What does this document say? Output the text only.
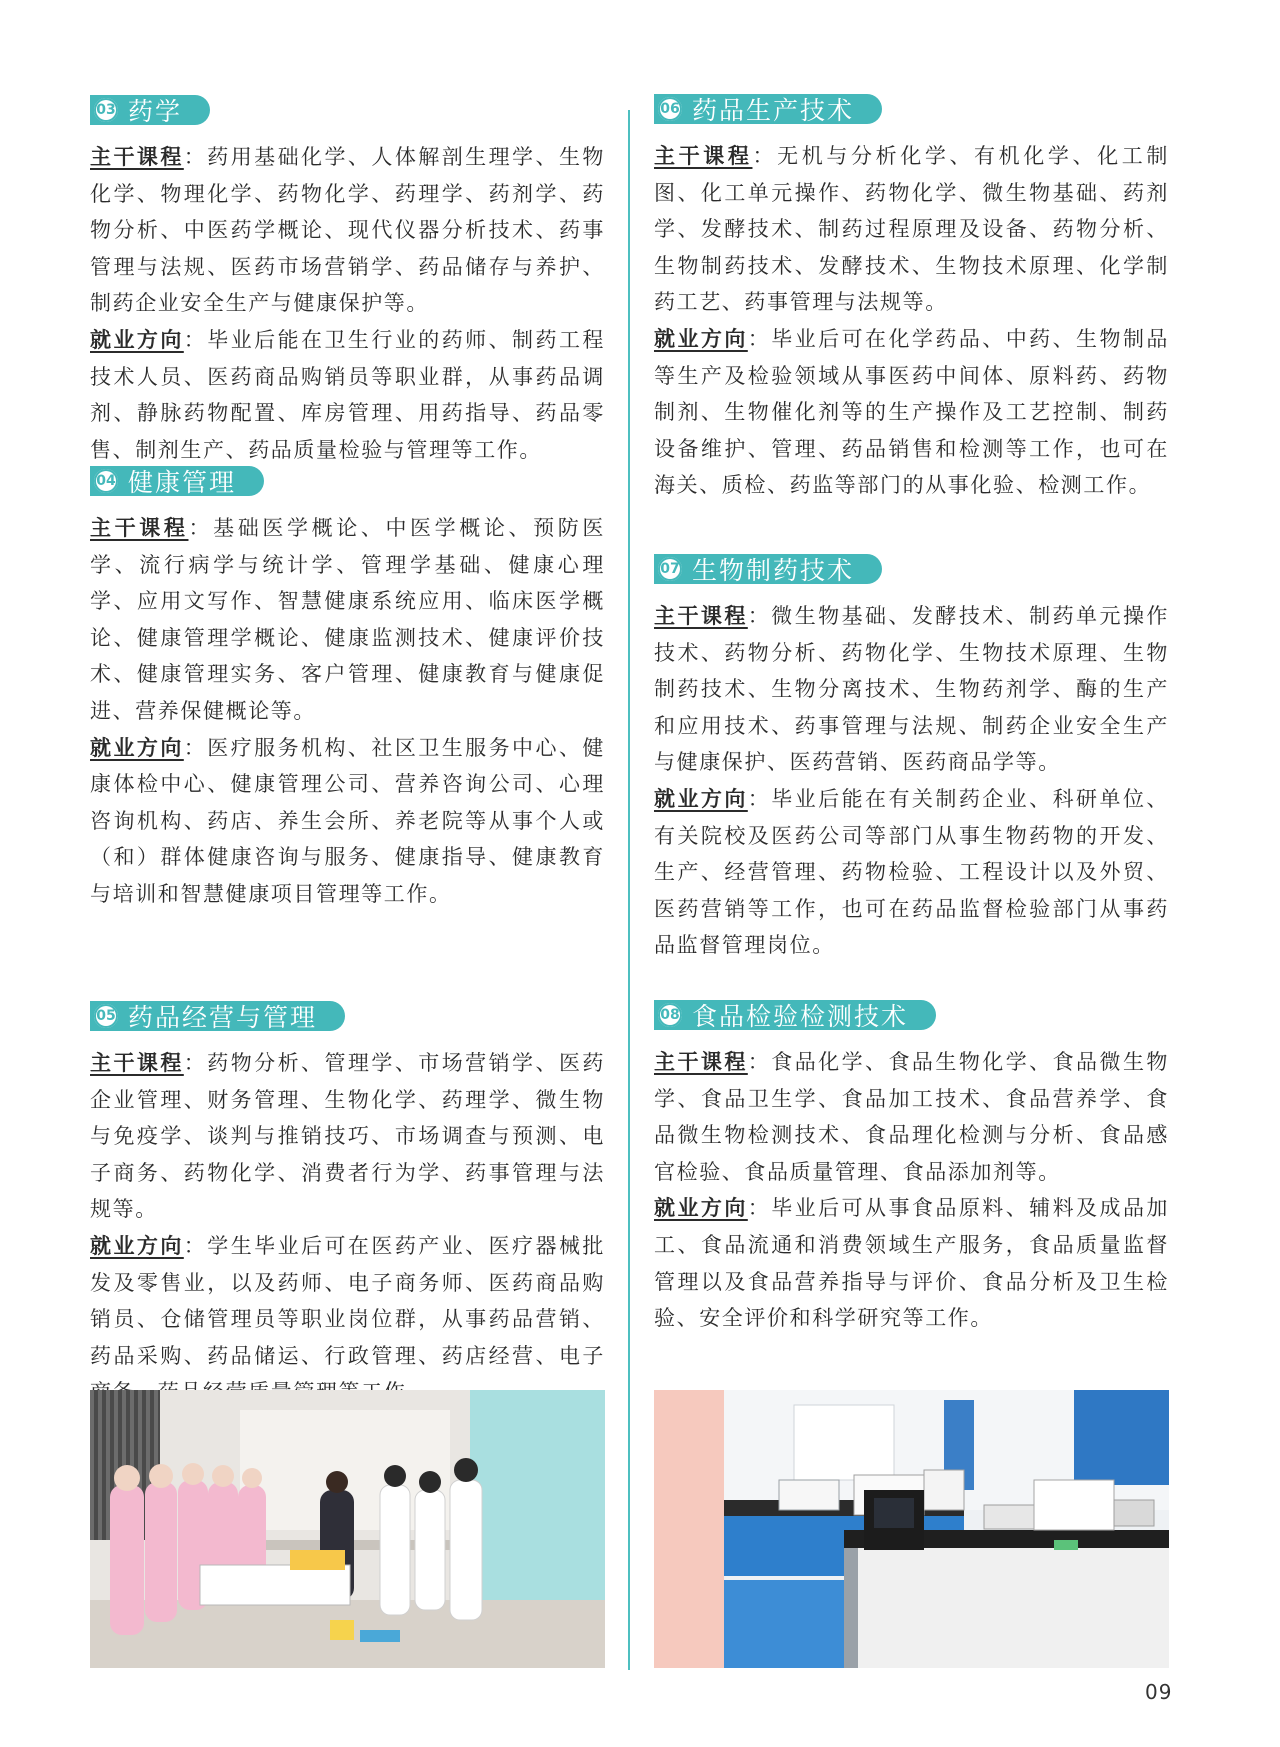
03 药学

主干课程：药用基础化学、人体解剖生理学、生物化学、物理化学、药物化学、药理学、药剂学、药物分析、中医药学概论、现代仪器分析技术、药事管理与法规、医药市场营销学、药品储存与养护、制药企业安全生产与健康保护等。

就业方向：毕业后能在卫生行业的药师、制药工程技术人员、医药商品购销员等职业群，从事药品调剂、静脉药物配置、库房管理、用药指导、药品零售、制剂生产、药品质量检验与管理等工作。

04 健康管理

主干课程：基础医学概论、中医学概论、预防医学、流行病学与统计学、管理学基础、健康心理学、应用文写作、智慧健康系统应用、临床医学概论、健康管理学概论、健康监测技术、健康评价技术、健康管理实务、客户管理、健康教育与健康促进、营养保健概论等。

就业方向：医疗服务机构、社区卫生服务中心、健康体检中心、健康管理公司、营养咨询公司、心理咨询机构、药店、养生会所、养老院等从事个人或（和）群体健康咨询与服务、健康指导、健康教育与培训和智慧健康项目管理等工作。

05 药品经营与管理

主干课程：药物分析、管理学、市场营销学、医药企业管理、财务管理、生物化学、药理学、微生物与免疫学、谈判与推销技巧、市场调查与预测、电子商务、药物化学、消费者行为学、药事管理与法规等。

就业方向：学生毕业后可在医药产业、医疗器械批发及零售业，以及药师、电子商务师、医药商品购销员、仓储管理员等职业岗位群，从事药品营销、药品采购、药品储运、行政管理、药店经营、电子

06 药品生产技术

主干课程：无机与分析化学、有机化学、化工制图、化工单元操作、药物化学、微生物基础、药剂学、发酵技术、制药过程原理及设备、药物分析、生物制药技术、发酵技术、生物技术原理、化学制药工艺、药事管理与法规等。

就业方向：毕业后可在化学药品、中药、生物制品等生产及检验领域从事医药中间体、原料药、药物制剂、生物催化剂等的生产操作及工艺控制、制药设备维护、管理、药品销售和检测等工作，也可在海关、质检、药监等部门的从事化验、检测工作。

07 生物制药技术

主干课程：微生物基础、发酵技术、制药单元操作技术、药物分析、药物化学、生物技术原理、生物制药技术、生物分离技术、生物药剂学、酶的生产和应用技术、药事管理与法规、制药企业安全生产与健康保护、医药营销、医药商品学等。

就业方向：毕业后能在有关制药企业、科研单位、有关院校及医药公司等部门从事生物药物的开发、生产、经营管理、药物检验、工程设计以及外贸、医药营销等工作，也可在药品监督检验部门从事药品监督管理岗位。

08 食品检验检测技术

主干课程：食品化学、食品生物化学、食品微生物学、食品卫生学、食品加工技术、食品营养学、食品微生物检测技术、食品理化检测与分析、食品感官检验、食品质量管理、食品添加剂等。

就业方向：毕业后可从事食品原料、辅料及成品加工、食品流通和消费领域生产服务，食品质量监督管理以及食品营养指导与评价、食品分析及卫生检验、安全评价和科学研究等工作。

09
